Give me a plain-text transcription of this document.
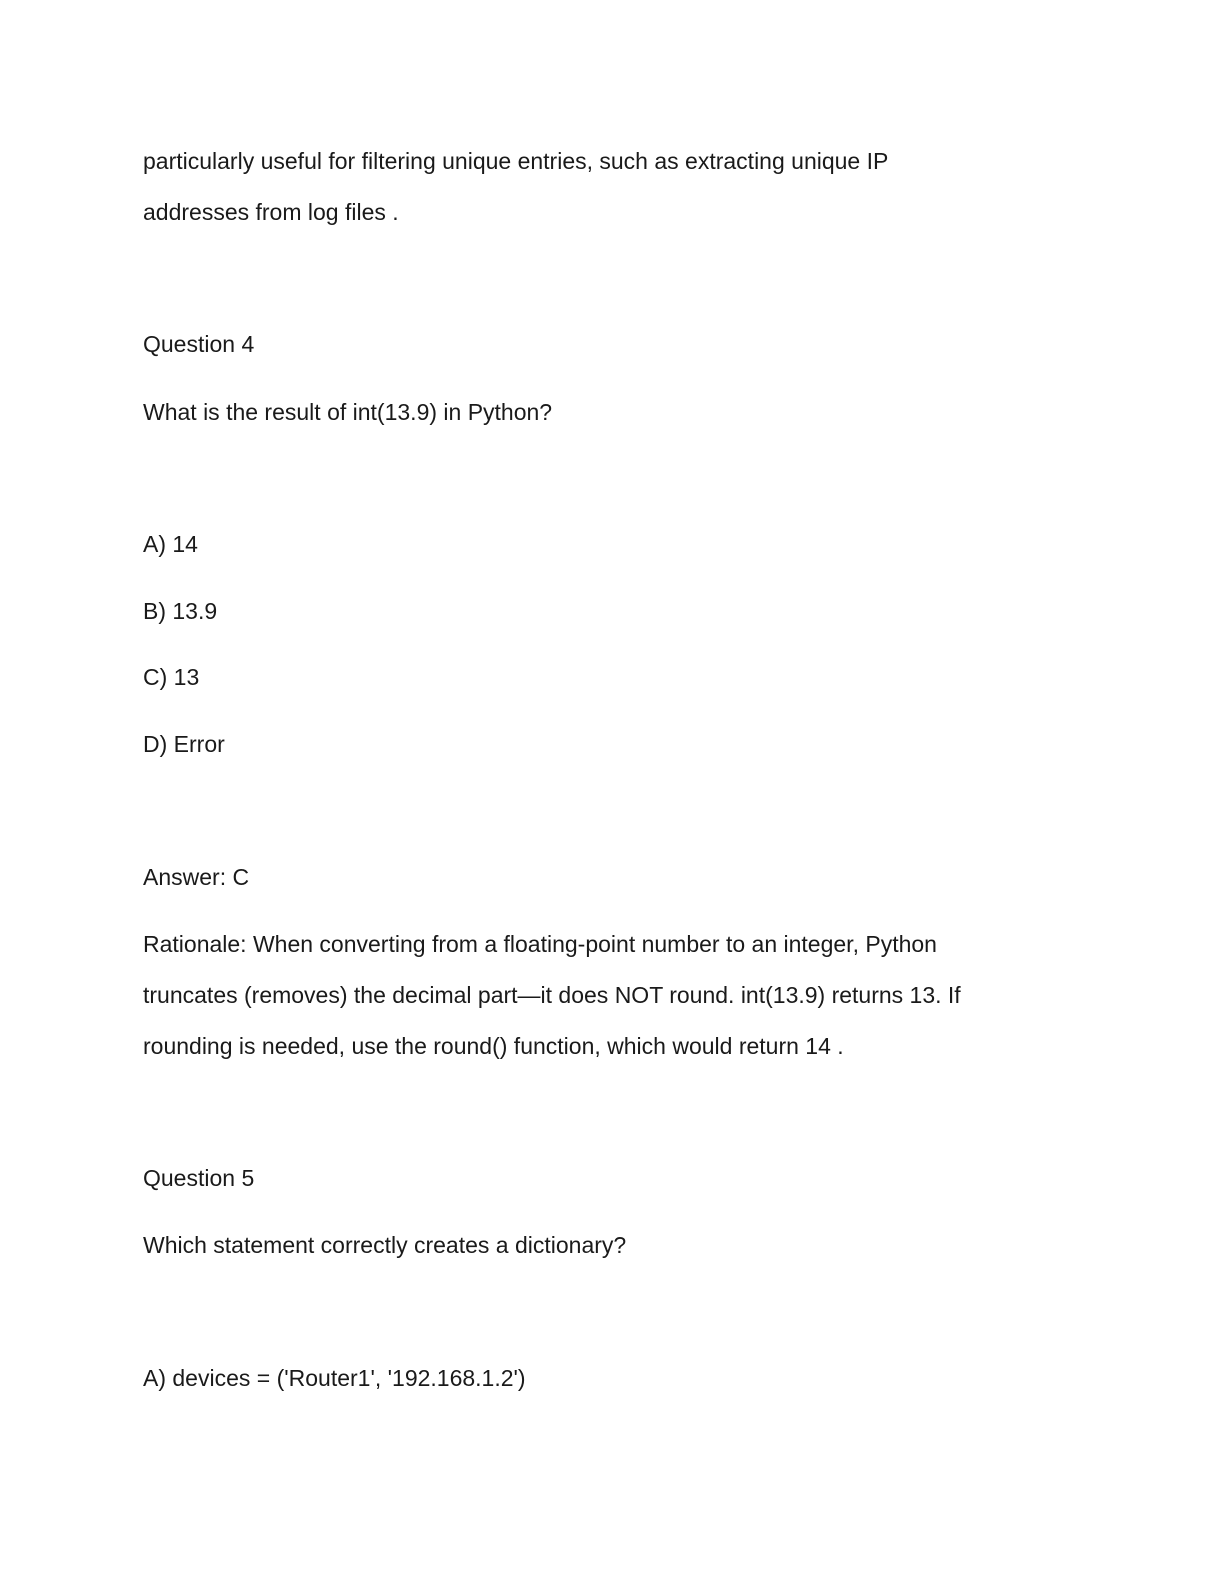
particularly useful for filtering unique entries, such as extracting unique IP
addresses from log files .
Question 4
What is the result of int(13.9) in Python?
A) 14
B) 13.9
C) 13
D) Error
Answer: C
Rationale: When converting from a floating-point number to an integer, Python
truncates (removes) the decimal part—it does NOT round. int(13.9) returns 13. If
rounding is needed, use the round() function, which would return 14 .
Question 5
Which statement correctly creates a dictionary?
A) devices = ('Router1', '192.168.1.2')
